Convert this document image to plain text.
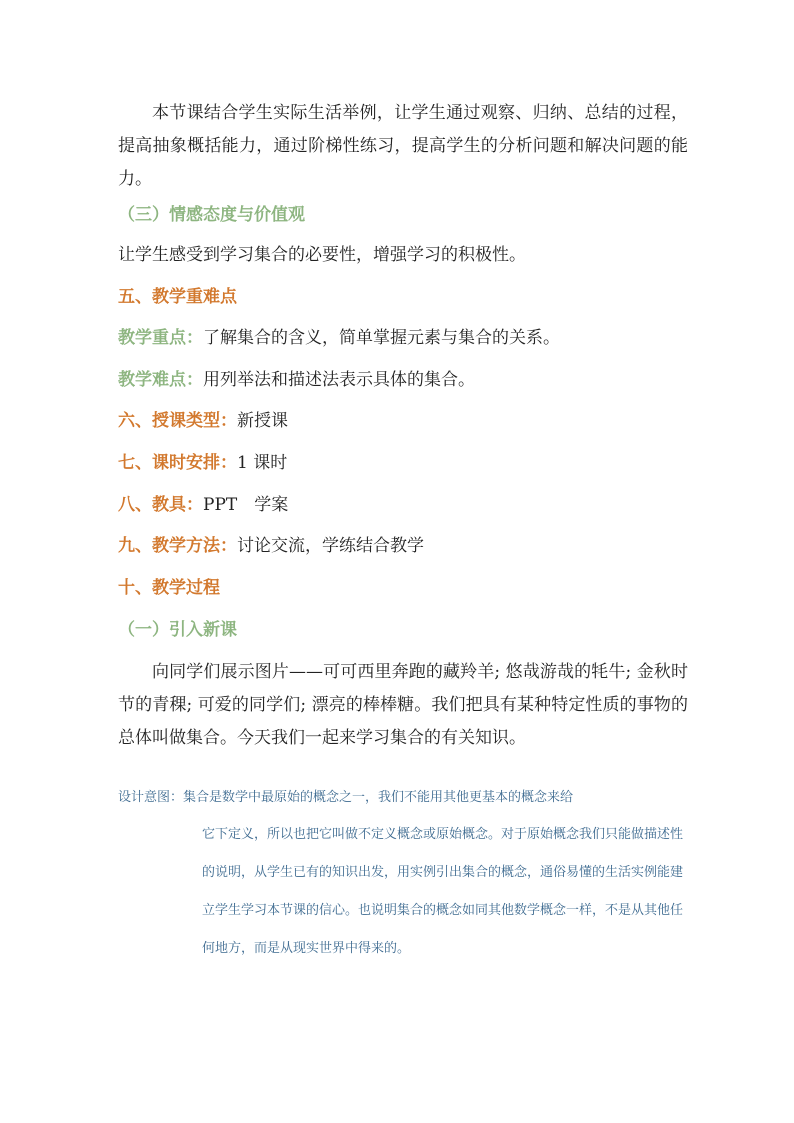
本节课结合学生实际生活举例，让学生通过观察、归纳、总结的过程，提高抽象概括能力，通过阶梯性练习，提高学生的分析问题和解决问题的能力。

（三）情感态度与价值观

让学生感受到学习集合的必要性，增强学习的积极性。

五、教学重难点

教学重点：了解集合的含义，简单掌握元素与集合的关系。

教学难点：用列举法和描述法表示具体的集合。

六、授课类型：新授课

七、课时安排：1 课时

八、教具：PPT　学案

九、教学方法：讨论交流，学练结合教学

十、教学过程

（一）引入新课

向同学们展示图片——可可西里奔跑的藏羚羊; 悠哉游哉的牦牛; 金秋时节的青稞; 可爱的同学们; 漂亮的棒棒糖。我们把具有某种特定性质的事物的总体叫做集合。今天我们一起来学习集合的有关知识。

设计意图：集合是数学中最原始的概念之一，我们不能用其他更基本的概念来给

它下定义，所以也把它叫做不定义概念或原始概念。对于原始概念我们只能做描述性的说明，从学生已有的知识出发，用实例引出集合的概念，通俗易懂的生活实例能建立学生学习本节课的信心。也说明集合的概念如同其他数学概念一样，不是从其他任何地方，而是从现实世界中得来的。
